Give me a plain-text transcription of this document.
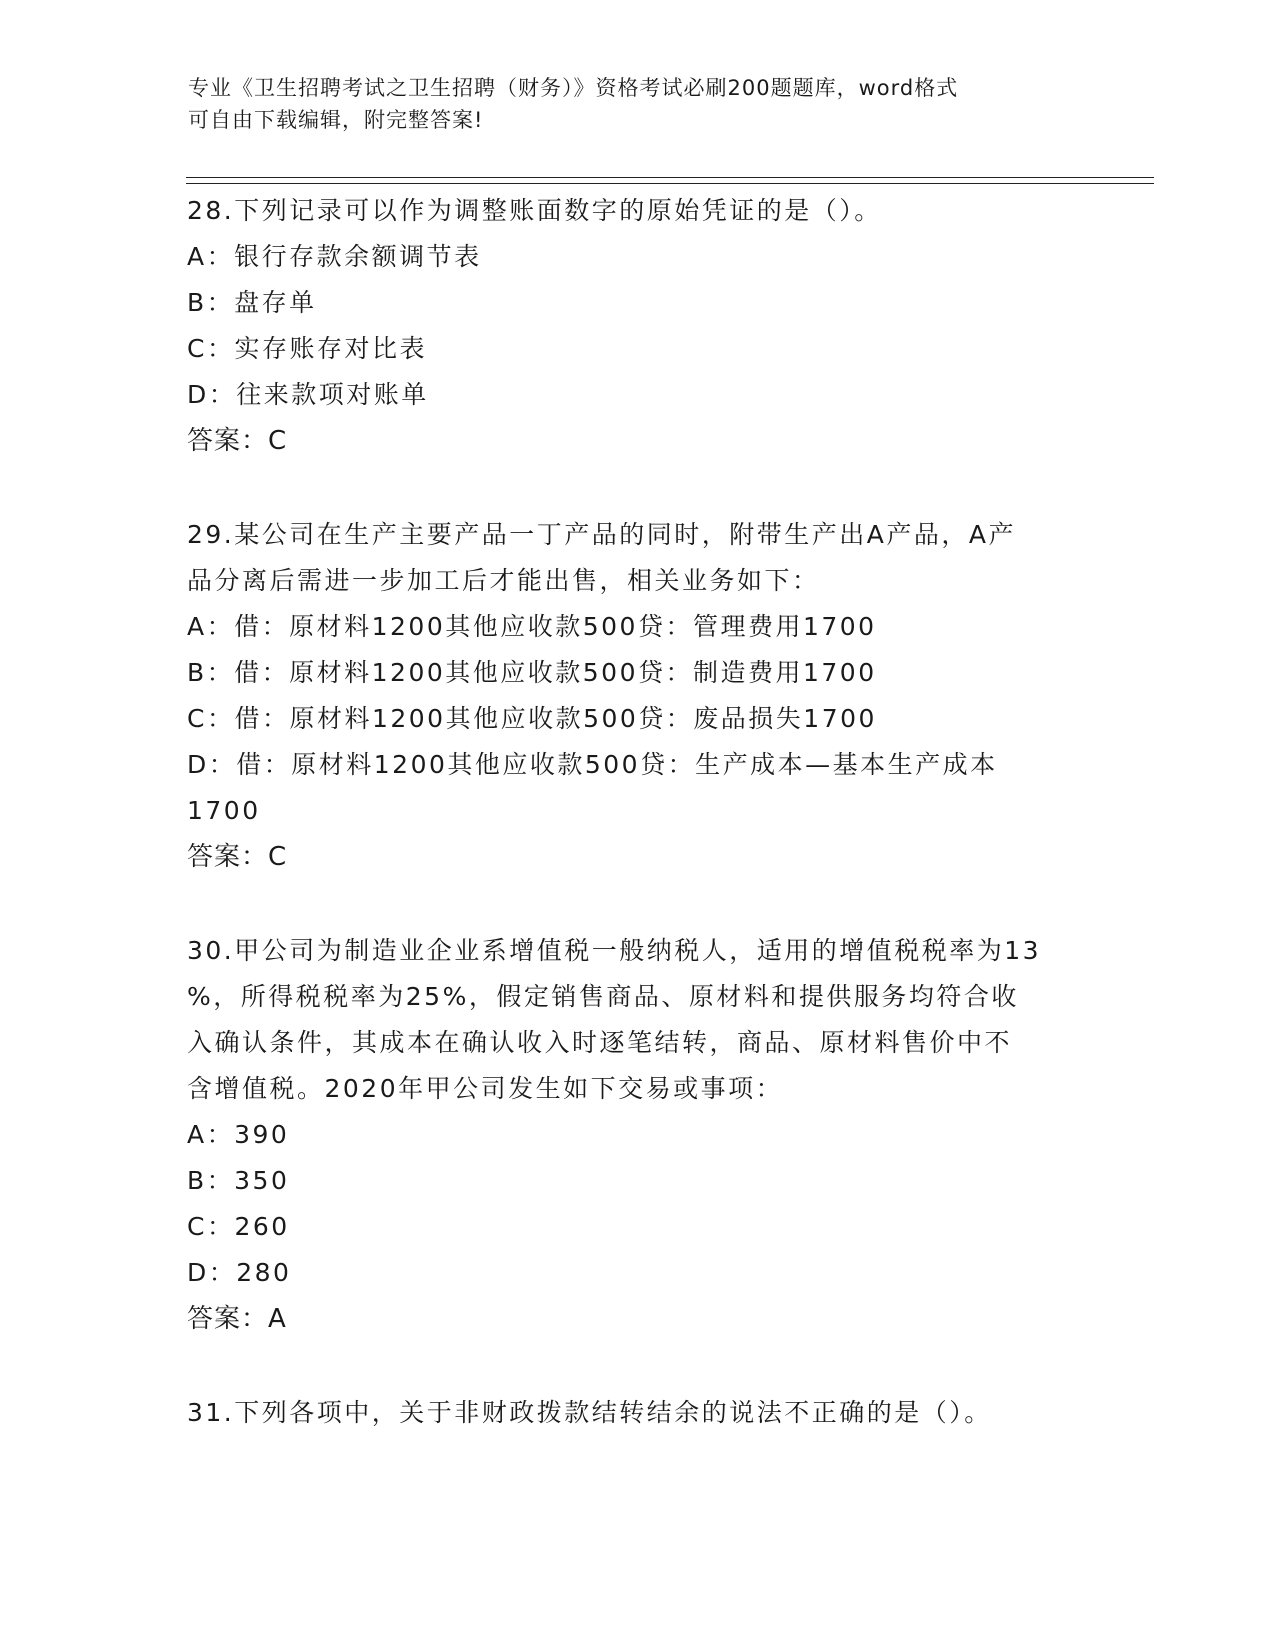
专业《卫生招聘考试之卫生招聘（财务）》资格考试必刷200题题库，word格式
可自由下载编辑，附完整答案!
28.下列记录可以作为调整账面数字的原始凭证的是（）。
A：银行存款余额调节表
B：盘存单
C：实存账存对比表
D：往来款项对账单
答案：C
29.某公司在生产主要产品一丁产品的同时，附带生产出A产品，A产
品分离后需进一步加工后才能出售，相关业务如下：
A：借：原材料1200其他应收款500贷：管理费用1700
B：借：原材料1200其他应收款500贷：制造费用1700
C：借：原材料1200其他应收款500贷：废品损失1700
D：借：原材料1200其他应收款500贷：生产成本—基本生产成本
1700
答案：C
30.甲公司为制造业企业系增值税一般纳税人，适用的增值税税率为13
%，所得税税率为25%，假定销售商品、原材料和提供服务均符合收
入确认条件，其成本在确认收入时逐笔结转，商品、原材料售价中不
含增值税。2020年甲公司发生如下交易或事项：
A：390
B：350
C：260
D：280
答案：A
31.下列各项中，关于非财政拨款结转结余的说法不正确的是（）。
